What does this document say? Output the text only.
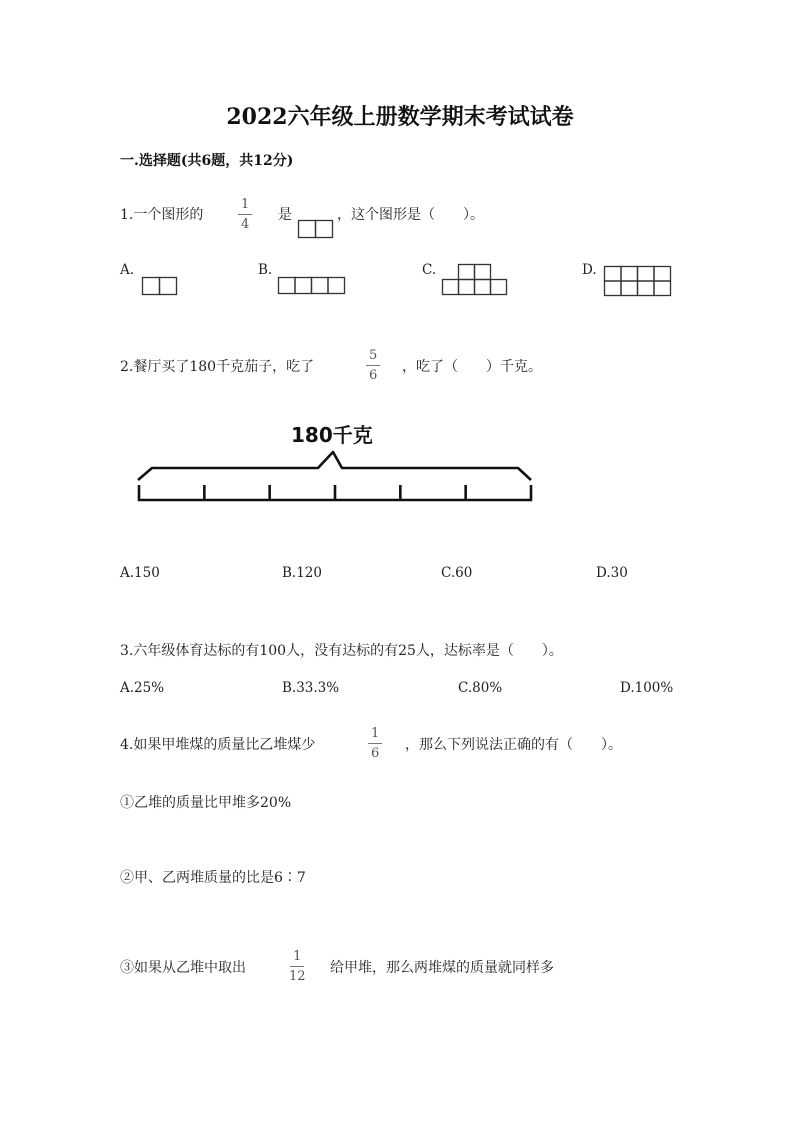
2022六年级上册数学期末考试试卷
一.选择题(共6题，共12分)
1.一个图形的	$\frac{1}{4}$ 是	，这个图形是（　　）。
A.	B.	C.	D.
2.餐厅买了180千克茄子，吃了	$\frac{5}{6}$ ，吃了（　　）千克。
180千克
A.150	B.120	C.60	D.30
3.六年级体育达标的有100人，没有达标的有25人，达标率是（　　）。
A.25%	B.33.3%	C.80%	D.100%
4.如果甲堆煤的质量比乙堆煤少	$\frac{1}{6}$ ，那么下列说法正确的有（　　）。
①乙堆的质量比甲堆多20%
②甲、乙两堆质量的比是6∶7
③如果从乙堆中取出	$\frac{1}{12}$ 给甲堆，那么两堆煤的质量就同样多
